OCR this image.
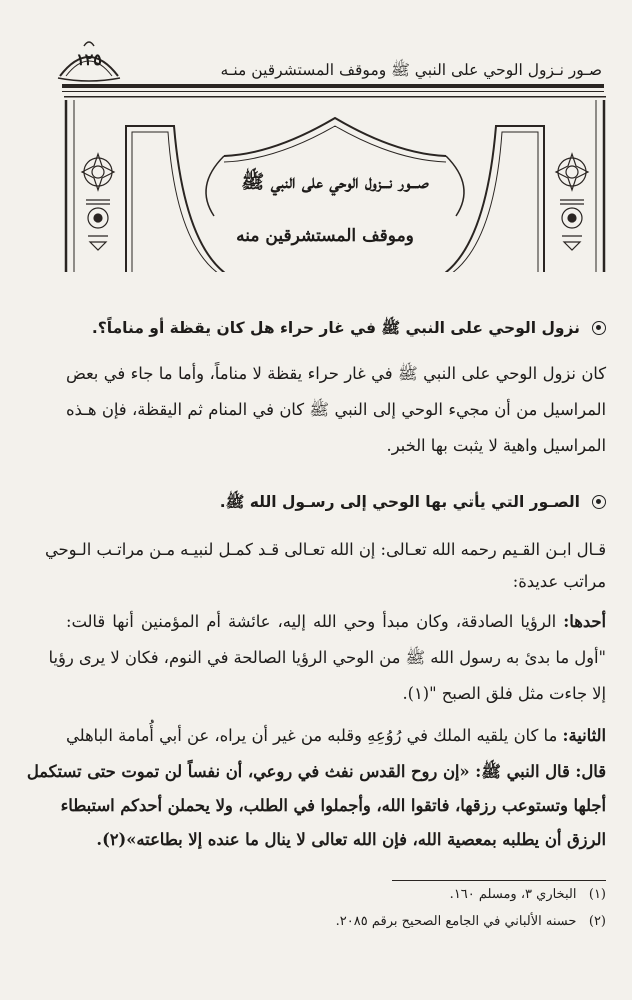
١٢٥
صـور نـزول الوحي على النبي ﷺ وموقف المستشرقين منـه
صـــور نـــزول الوحي على النبي ﷺ
وموقف المستشرقين منه
نزول الوحي على النبي ﷺ في غار حراء هل كان يقظة أو مناماً؟.
كان نزول الوحي على النبي ﷺ في غار حراء يقظة لا مناماً، وأما ما جاء في بعض
المراسيل من أن مجيء الوحي إلى النبي ﷺ كان في المنام ثم اليقظة، فإن هـذه
المراسيل واهية لا يثبت بها الخبر.
الصـور التي يأتي بها الوحي إلى رسـول الله ﷺ.
قـال ابـن القـيم رحمه الله تعـالى: إن الله تعـالى قـد كمـل لنبيـه مـن مراتـب الـوحي
مراتب عديدة:
أحدها: الرؤيا الصادقة، وكان مبدأ وحي الله إليه، عائشة أم المؤمنين أنها قالت:
"أول ما بدئ به رسول الله ﷺ من الوحي الرؤيا الصالحة في النوم، فكان لا يرى رؤيا
إلا جاءت مثل فلق الصبح "(١).
الثانية: ما كان يلقيه الملك في رُوُعِهِ وقلبه من غير أن يراه، عن أبي أُمامة الباهلي
قال: قال النبي ﷺ: «إن روح القدس نفث في روعي، أن نفساً لن تموت حتى تستكمل
أجلها وتستوعب رزقها، فاتقوا الله، وأجملوا في الطلب، ولا يحملن أحدكم استبطاء
الرزق أن يطلبه بمعصية الله، فإن الله تعالى لا ينال ما عنده إلا بطاعته»(٢).
(١)   البخاري ٣، ومسلم ١٦٠.
(٢)   حسنه الألباني في الجامع الصحيح برقم ٢٠٨٥.
